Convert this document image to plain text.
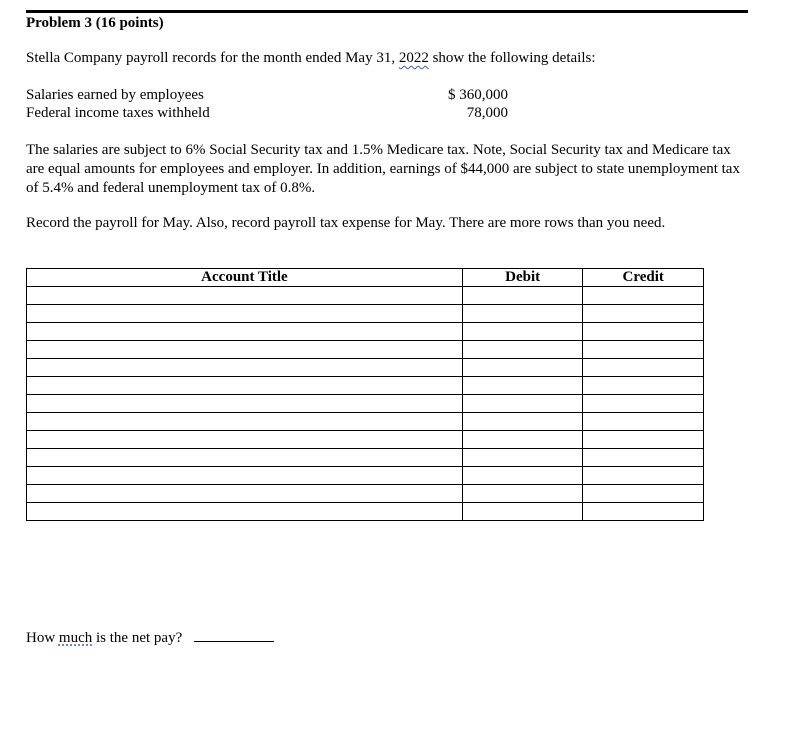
Problem 3 (16 points)
Stella Company payroll records for the month ended May 31, 2022 show the following details:
Salaries earned by employees	$ 360,000
Federal income taxes withheld	78,000
The salaries are subject to 6% Social Security tax and 1.5% Medicare tax. Note, Social Security tax and Medicare tax are equal amounts for employees and employer. In addition, earnings of $44,000 are subject to state unemployment tax of 5.4% and federal unemployment tax of 0.8%.
Record the payroll for May. Also, record payroll tax expense for May. There are more rows than you need.
Account Title	Debit	Credit

How much is the net pay?
